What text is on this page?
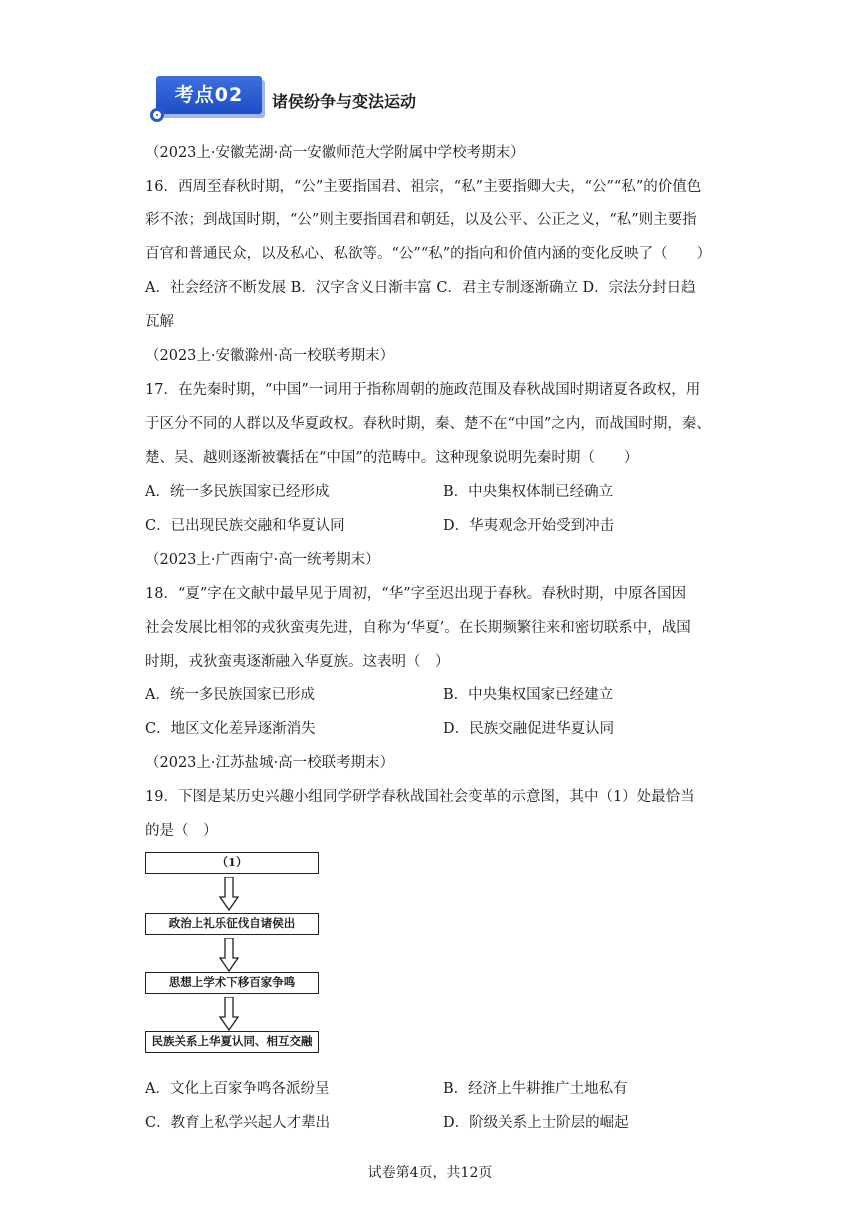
考点02	诸侯纷争与变法运动
（2023上·安徽芜湖·高一安徽师范大学附属中学校考期末）
16．西周至春秋时期，“公”主要指国君、祖宗，“私”主要指卿大夫，“公”“私”的价值色
彩不浓；到战国时期，“公”则主要指国君和朝廷，以及公平、公正之义，“私”则主要指
百官和普通民众，以及私心、私欲等。“公”“私”的指向和价值内涵的变化反映了（　　）
A．社会经济不断发展 B．汉字含义日渐丰富 C．君主专制逐渐确立 D．宗法分封日趋
瓦解
（2023上·安徽滁州·高一校联考期末）
17．在先秦时期，“中国”一词用于指称周朝的施政范围及春秋战国时期诸夏各政权，用
于区分不同的人群以及华夏政权。春秋时期，秦、楚不在“中国”之内，而战国时期，秦、
楚、吴、越则逐渐被囊括在“中国”的范畴中。这种现象说明先秦时期（　　）
A．统一多民族国家已经形成	B．中央集权体制已经确立
C．已出现民族交融和华夏认同	D．华夷观念开始受到冲击
（2023上·广西南宁·高一统考期末）
18．“夏”字在文献中最早见于周初，“华”字至迟出现于春秋。春秋时期，中原各国因
社会发展比相邻的戎狄蛮夷先进，自称为‘华夏’。在长期频繁往来和密切联系中，战国
时期，戎狄蛮夷逐渐融入华夏族。这表明（　）
A．统一多民族国家已形成	B．中央集权国家已经建立
C．地区文化差异逐渐消失	D．民族交融促进华夏认同
（2023上·江苏盐城·高一校联考期末）
19．下图是某历史兴趣小组同学研学春秋战国社会变革的示意图，其中（1）处最恰当
的是（　）
（1）
政治上礼乐征伐自诸侯出
思想上学术下移百家争鸣
民族关系上华夏认同、相互交融
A．文化上百家争鸣各派纷呈	B．经济上牛耕推广土地私有
C．教育上私学兴起人才辈出	D．阶级关系上士阶层的崛起
试卷第4页，共12页
